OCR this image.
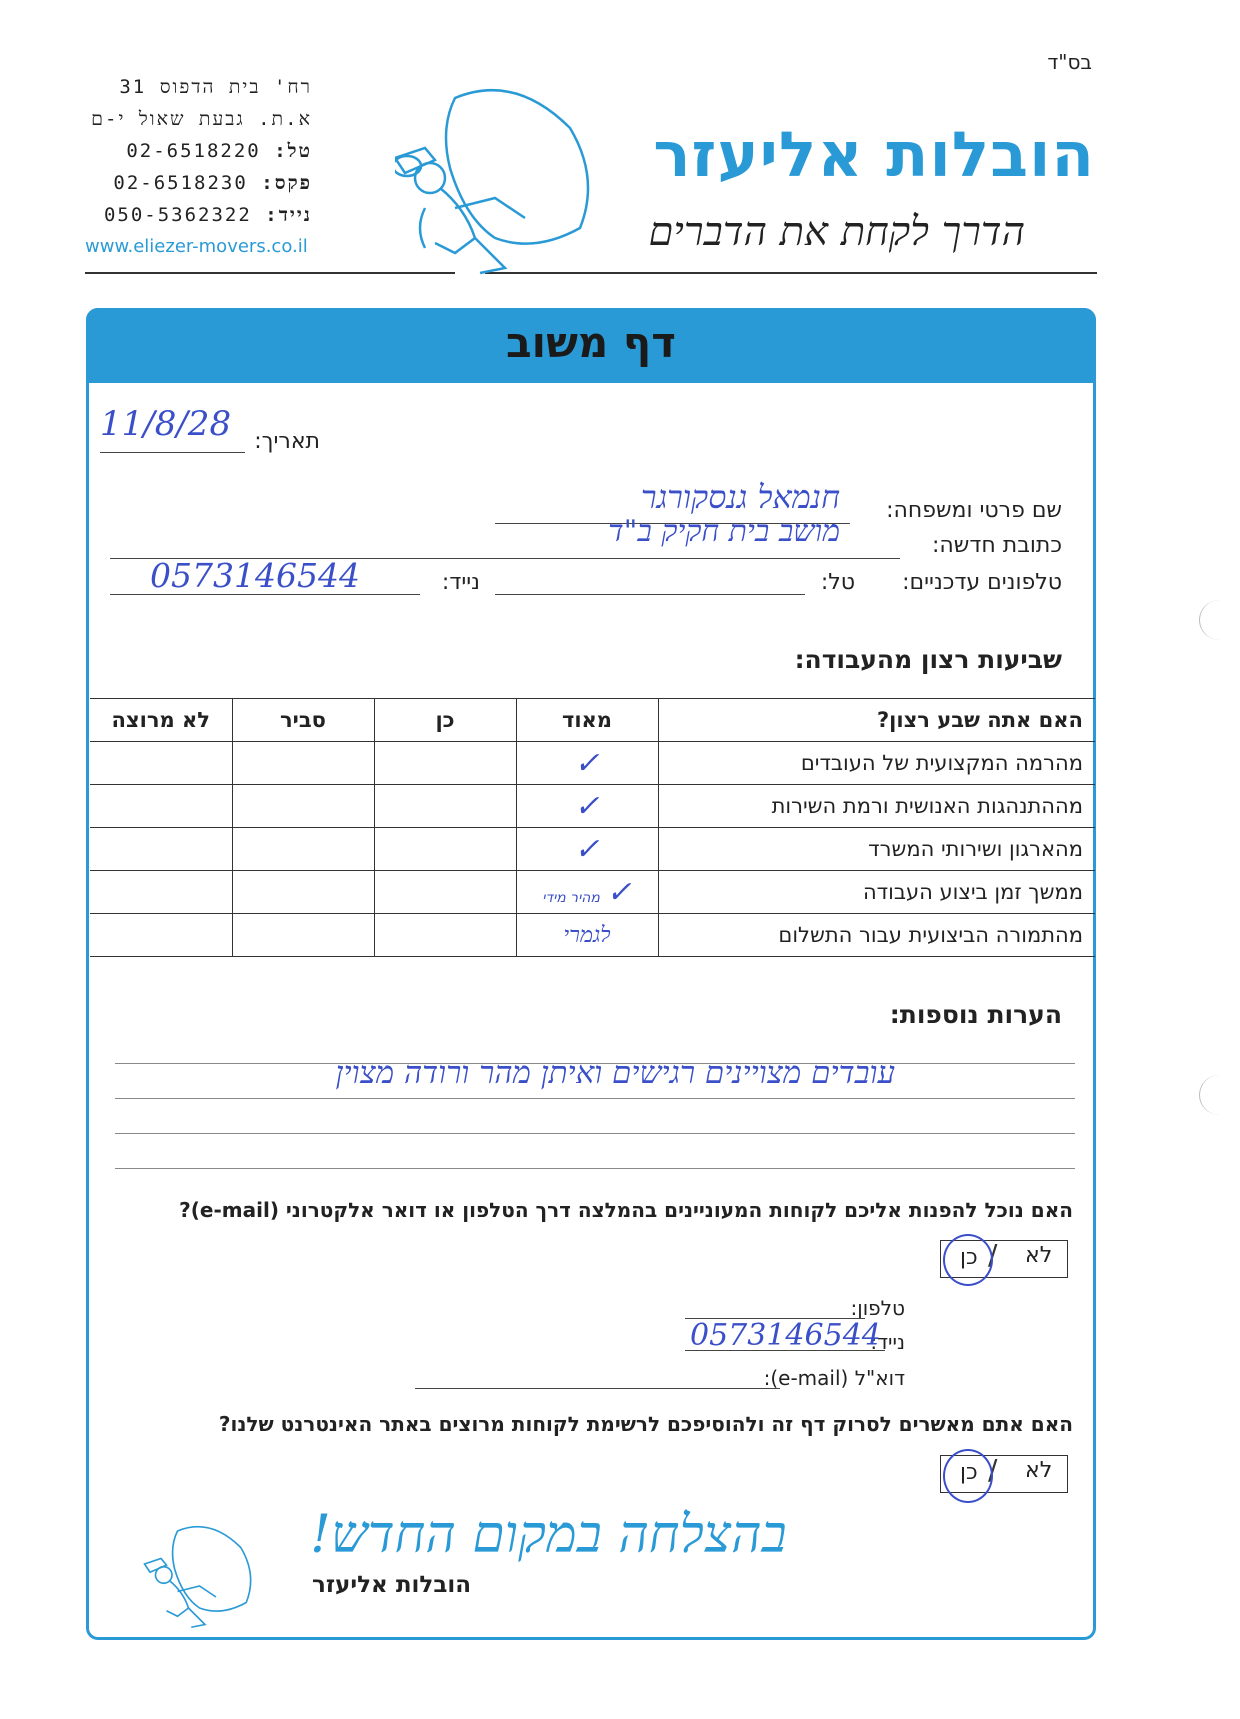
בס"ד
הובלות אליעזר
הדרך לקחת את הדברים
רח' בית הדפוס 31
א.ת. גבעת שאול י-ם
טל: 02-6518220
פקס: 02-6518230
נייד: 050-5362322
www.eliezer-movers.co.il
דף משוב
תאריך:
11/8/28
שם פרטי ומשפחה:
חנמאל גנסקורגר
כתובת חדשה:
מושב בית חקיק ב"ד
טלפונים עדכניים:
טל:
נייד:
0573146544
שביעות רצון מהעבודה:
האם אתה שבע רצון?	מאוד	כן	סביר	לא מרוצה
מהרמה המקצועית של העובדים	✓			
מההתנהגות האנושית ורמת השירות	✓			
מהארגון ושירותי המשרד	✓			
ממשך זמן ביצוע העבודה	✓ מהיר מידי			
מהתמורה הביצועית עבור התשלום	לגמרי			
הערות נוספות:
עובדים מצויינים רגישים ואיתן מהר ורודה מצוין
האם נוכל להפנות אליכם לקוחות המעוניינים בהמלצה דרך הטלפון או דואר אלקטרוני (e-mail)?
לא
/
כן
טלפון:
נייד:
0573146544
דוא"ל (e-mail):
האם אתם מאשרים לסרוק דף זה ולהוסיפכם לרשימת לקוחות מרוצים באתר האינטרנט שלנו?
לא
/
כן
בהצלחה במקום החדש!
הובלות אליעזר
